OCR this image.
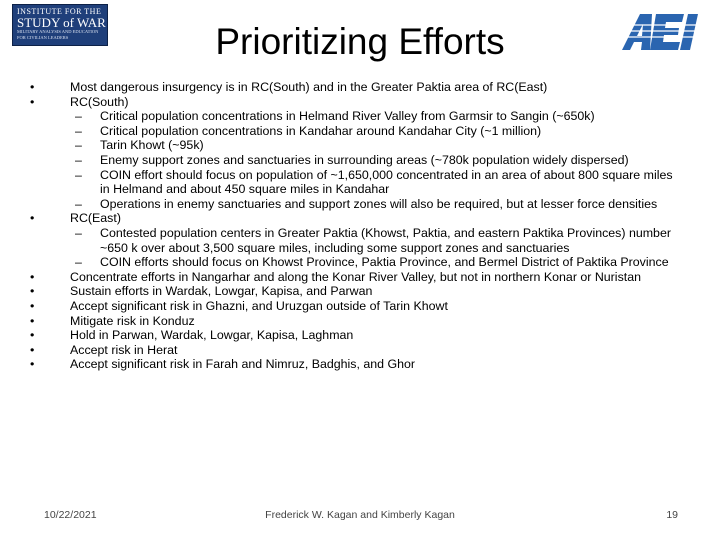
INSTITUTE FOR THE
STUDY of WAR
MILITARY ANALYSIS AND EDUCATION
FOR CIVILIAN LEADERS	Prioritizing Efforts
•	Most dangerous insurgency is in RC(South) and in the Greater Paktia area of RC(East)
•	RC(South)
–	Critical population concentrations in Helmand River Valley from Garmsir to Sangin (~650k)
–	Critical population concentrations in Kandahar around Kandahar City (~1 million)
–	Tarin Khowt (~95k)
–	Enemy support zones and sanctuaries in surrounding areas (~780k population widely dispersed)
–	COIN effort should focus on population of ~1,650,000 concentrated in an area of about 800 square miles in Helmand and about 450 square miles in Kandahar
–	Operations in enemy sanctuaries and support zones will also be required, but at lesser force densities
•	RC(East)
–	Contested population centers in Greater Paktia (Khowst, Paktia, and eastern Paktika Provinces) number ~650 k over about 3,500 square miles, including some support zones and sanctuaries
–	COIN efforts should focus on Khowst Province, Paktia Province, and Bermel District of Paktika Province
•	Concentrate efforts in Nangarhar and along the Konar River Valley, but not in northern Konar or Nuristan
•	Sustain efforts in Wardak, Lowgar, Kapisa, and Parwan
•	Accept significant risk in Ghazni, and Uruzgan outside of Tarin Khowt
•	Mitigate risk in Konduz
•	Hold in Parwan, Wardak, Lowgar, Kapisa, Laghman
•	Accept risk in Herat
•	Accept significant risk in Farah and Nimruz, Badghis, and Ghor
10/22/2021	Frederick W. Kagan and Kimberly Kagan	19
